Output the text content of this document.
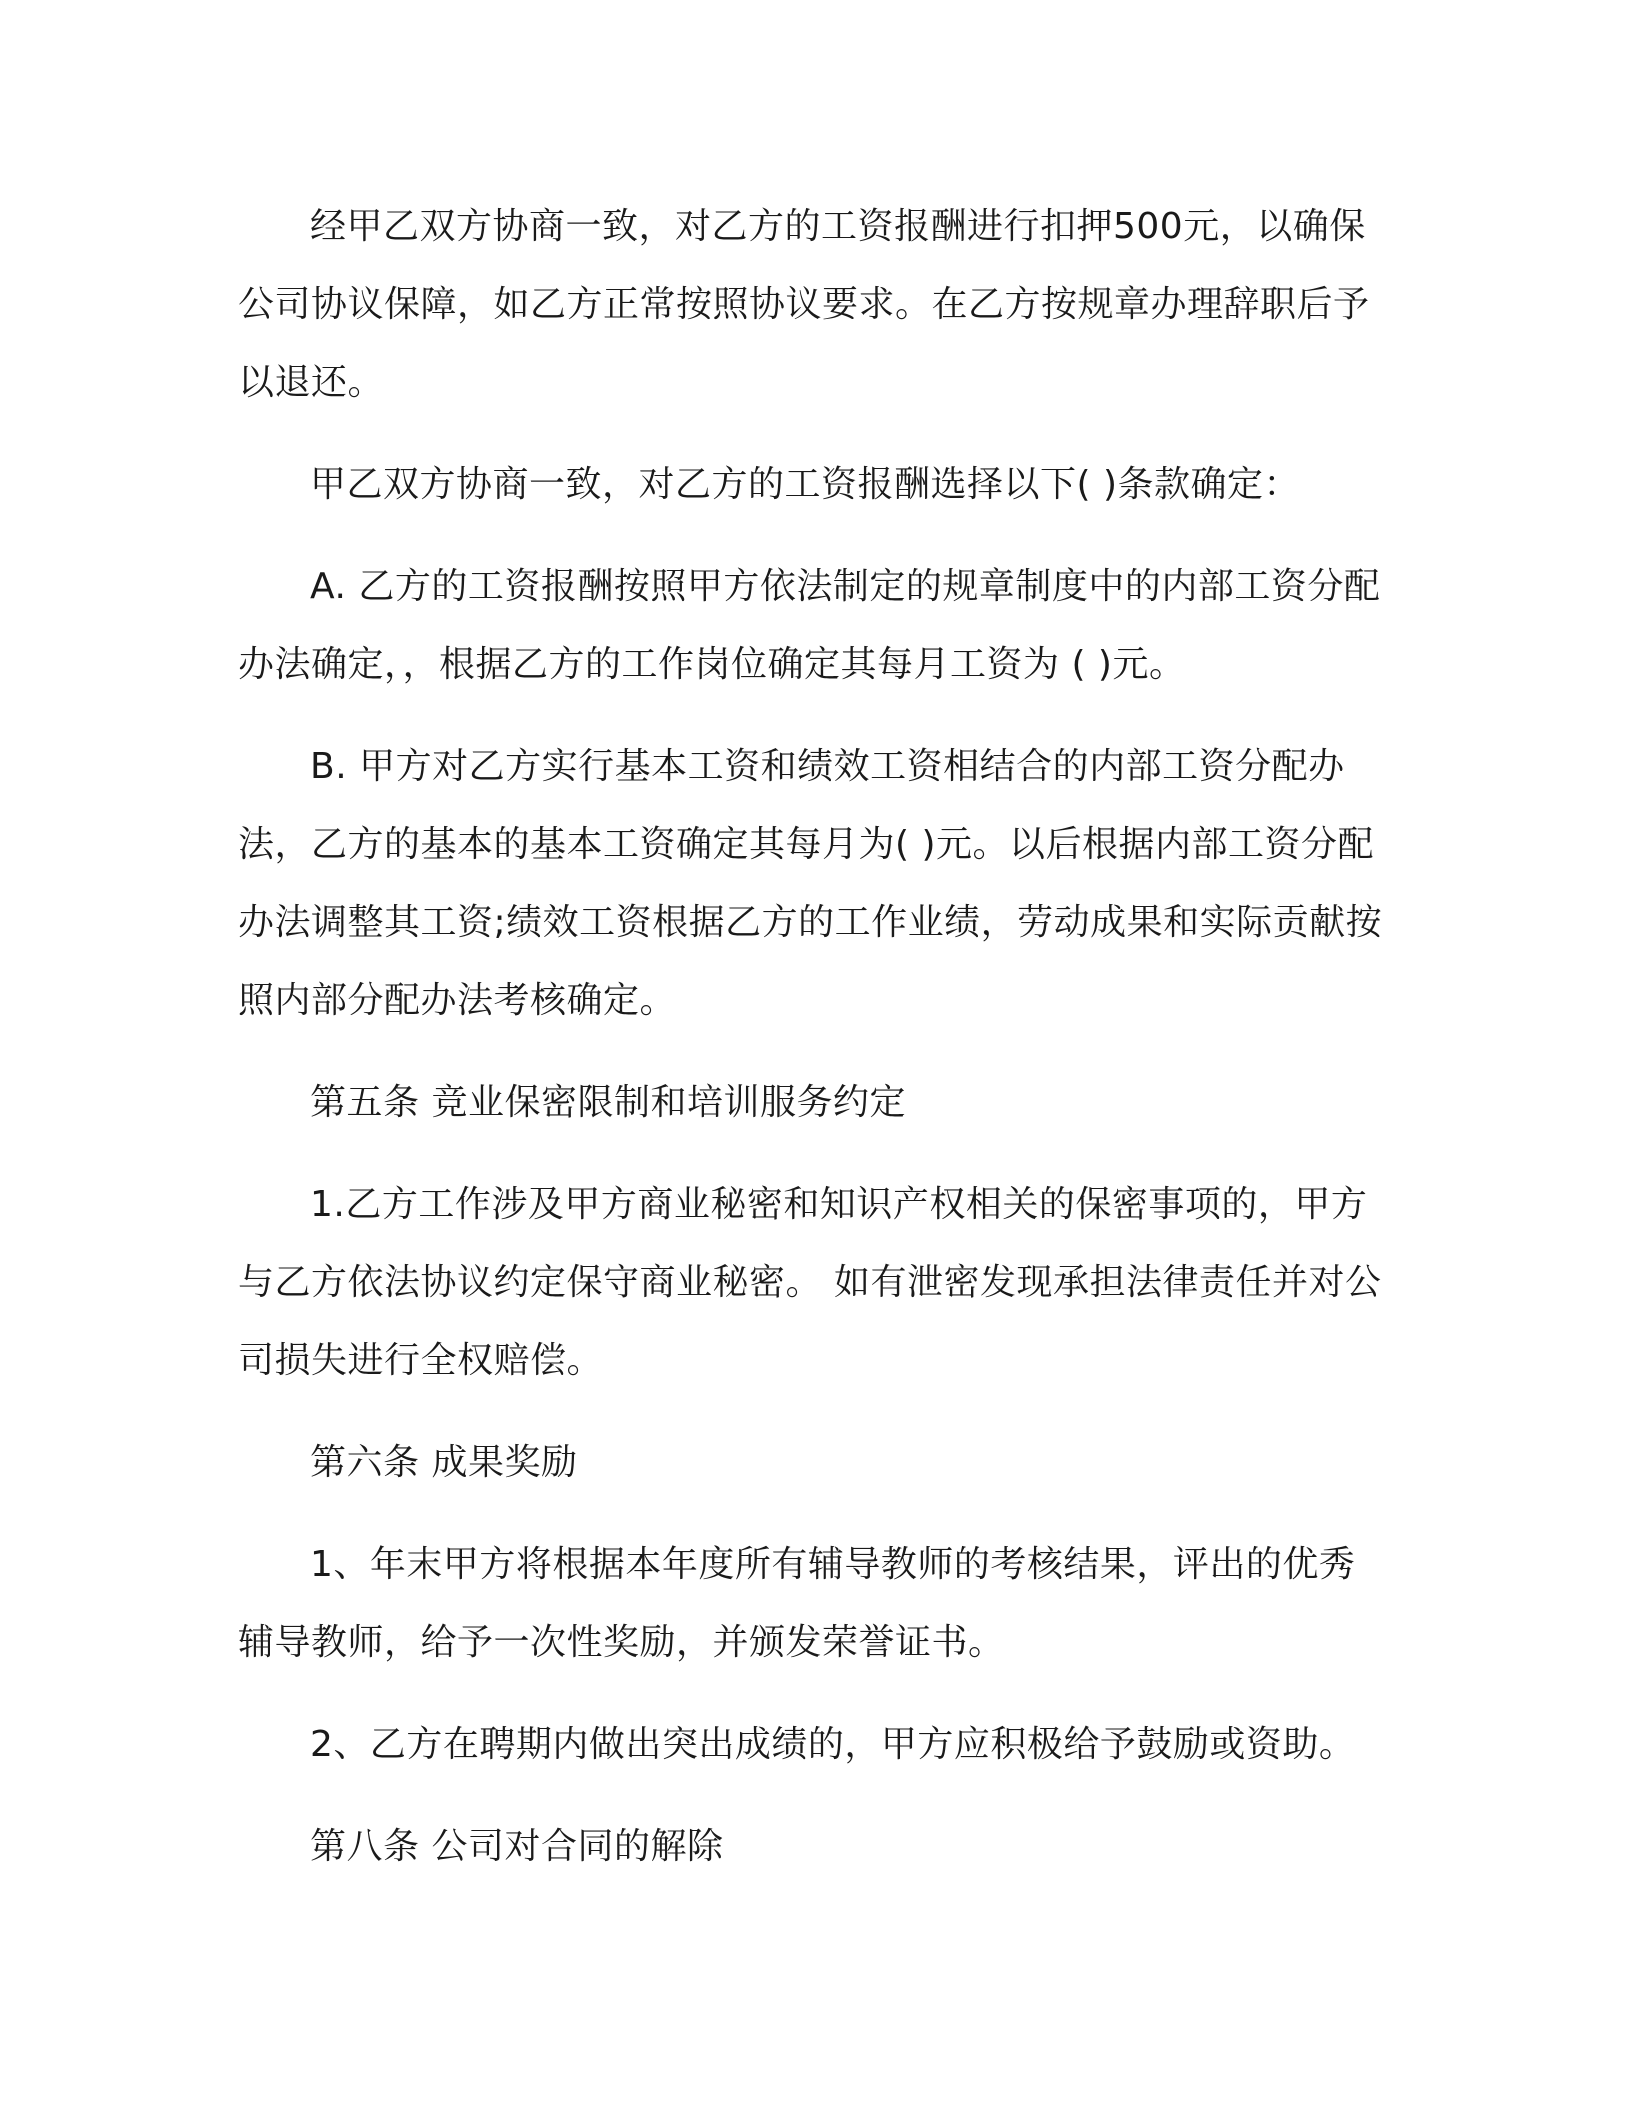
经甲乙双方协商一致，对乙方的工资报酬进行扣押500元，以确保公司协议保障，如乙方正常按照协议要求。在乙方按规章办理辞职后予以退还。

甲乙双方协商一致，对乙方的工资报酬选择以下( )条款确定：

A. 乙方的工资报酬按照甲方依法制定的规章制度中的内部工资分配办法确定，，根据乙方的工作岗位确定其每月工资为 ( )元。

B. 甲方对乙方实行基本工资和绩效工资相结合的内部工资分配办法，乙方的基本的基本工资确定其每月为( )元。以后根据内部工资分配办法调整其工资;绩效工资根据乙方的工作业绩，劳动成果和实际贡献按照内部分配办法考核确定。

第五条 竞业保密限制和培训服务约定

1.乙方工作涉及甲方商业秘密和知识产权相关的保密事项的，甲方与乙方依法协议约定保守商业秘密。 如有泄密发现承担法律责任并对公司损失进行全权赔偿。

第六条 成果奖励

1、年末甲方将根据本年度所有辅导教师的考核结果，评出的优秀辅导教师，给予一次性奖励，并颁发荣誉证书。

2、乙方在聘期内做出突出成绩的，甲方应积极给予鼓励或资助。

第八条 公司对合同的解除
